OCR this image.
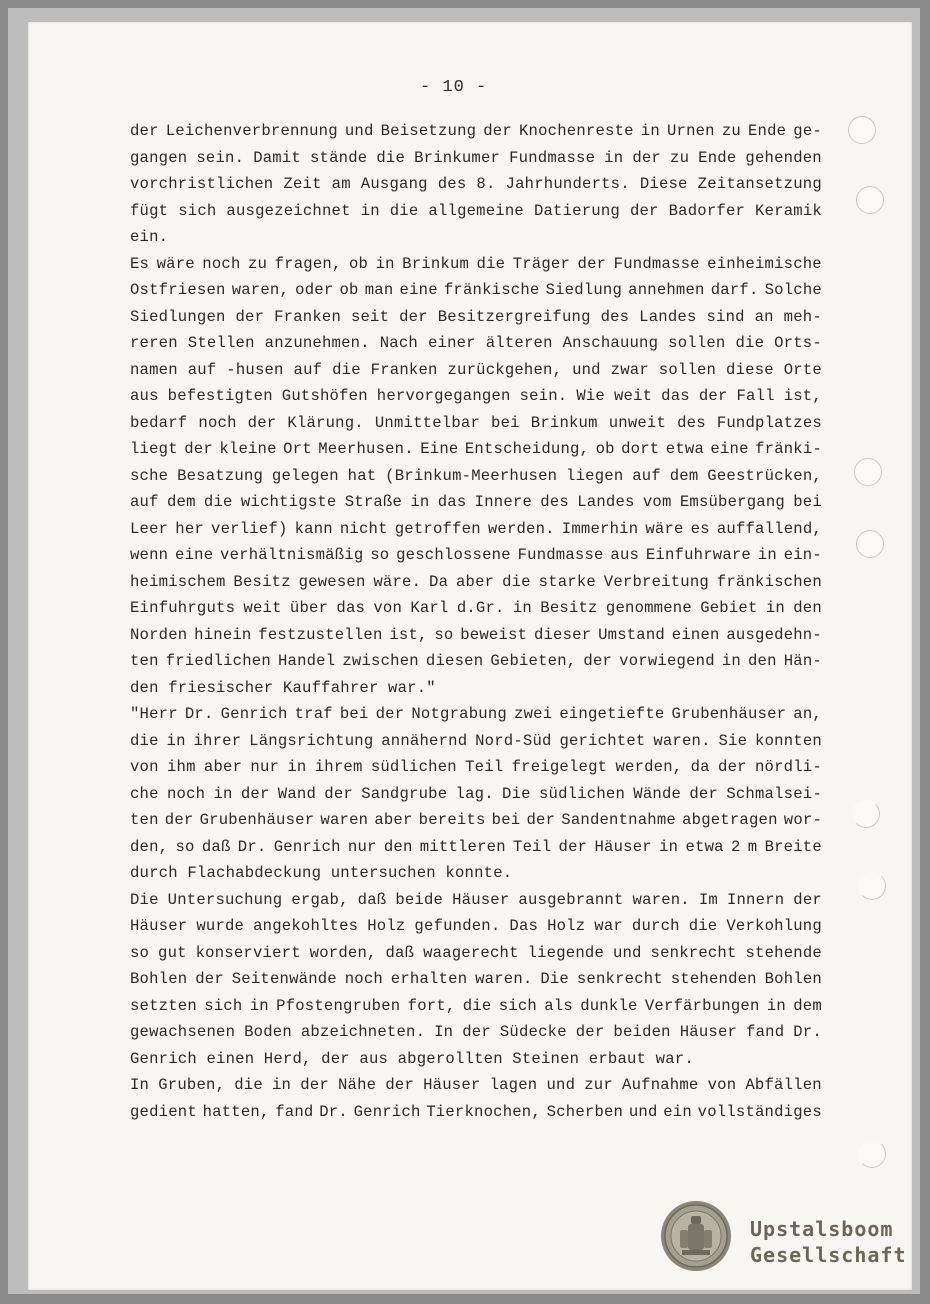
- 10 -
der Leichenverbrennung und Beisetzung der Knochenreste in Urnen zu Ende ge-
gangen sein. Damit stände die Brinkumer Fundmasse in der zu Ende gehenden
vorchristlichen Zeit am Ausgang des 8. Jahrhunderts. Diese Zeitansetzung
fügt sich ausgezeichnet in die allgemeine Datierung der Badorfer Keramik
ein.
Es wäre noch zu fragen, ob in Brinkum die Träger der Fundmasse einheimische
Ostfriesen waren, oder ob man eine fränkische Siedlung annehmen darf. Solche
Siedlungen der Franken seit der Besitzergreifung des Landes sind an meh-
reren Stellen anzunehmen. Nach einer älteren Anschauung sollen die Orts-
namen auf -husen auf die Franken zurückgehen, und zwar sollen diese Orte
aus befestigten Gutshöfen hervorgegangen sein. Wie weit das der Fall ist,
bedarf noch der Klärung. Unmittelbar bei Brinkum unweit des Fundplatzes
liegt der kleine Ort Meerhusen. Eine Entscheidung, ob dort etwa eine fränki-
sche Besatzung gelegen hat (Brinkum-Meerhusen liegen auf dem Geestrücken,
auf dem die wichtigste Straße in das Innere des Landes vom Emsübergang bei
Leer her verlief) kann nicht getroffen werden. Immerhin wäre es auffallend,
wenn eine verhältnismäßig so geschlossene Fundmasse aus Einfuhrware in ein-
heimischem Besitz gewesen wäre. Da aber die starke Verbreitung fränkischen
Einfuhrguts weit über das von Karl d.Gr. in Besitz genommene Gebiet in den
Norden hinein festzustellen ist, so beweist dieser Umstand einen ausgedehn-
ten friedlichen Handel zwischen diesen Gebieten, der vorwiegend in den Hän-
den friesischer Kauffahrer war."
"Herr Dr. Genrich traf bei der Notgrabung zwei eingetiefte Grubenhäuser an,
die in ihrer Längsrichtung annähernd Nord-Süd gerichtet waren. Sie konnten
von ihm aber nur in ihrem südlichen Teil freigelegt werden, da der nördli-
che noch in der Wand der Sandgrube lag. Die südlichen Wände der Schmalsei-
ten der Grubenhäuser waren aber bereits bei der Sandentnahme abgetragen wor-
den, so daß Dr. Genrich nur den mittleren Teil der Häuser in etwa 2 m Breite
durch Flachabdeckung untersuchen konnte.
Die Untersuchung ergab, daß beide Häuser ausgebrannt waren. Im Innern der
Häuser wurde angekohltes Holz gefunden. Das Holz war durch die Verkohlung
so gut konserviert worden, daß waagerecht liegende und senkrecht stehende
Bohlen der Seitenwände noch erhalten waren. Die senkrecht stehenden Bohlen
setzten sich in Pfostengruben fort, die sich als dunkle Verfärbungen in dem
gewachsenen Boden abzeichneten. In der Südecke der beiden Häuser fand Dr.
Genrich einen Herd, der aus abgerollten Steinen erbaut war.
In Gruben, die in der Nähe der Häuser lagen und zur Aufnahme von Abfällen
gedient hatten, fand Dr. Genrich Tierknochen, Scherben und ein vollständiges
Upstalsboom
Gesellschaft
